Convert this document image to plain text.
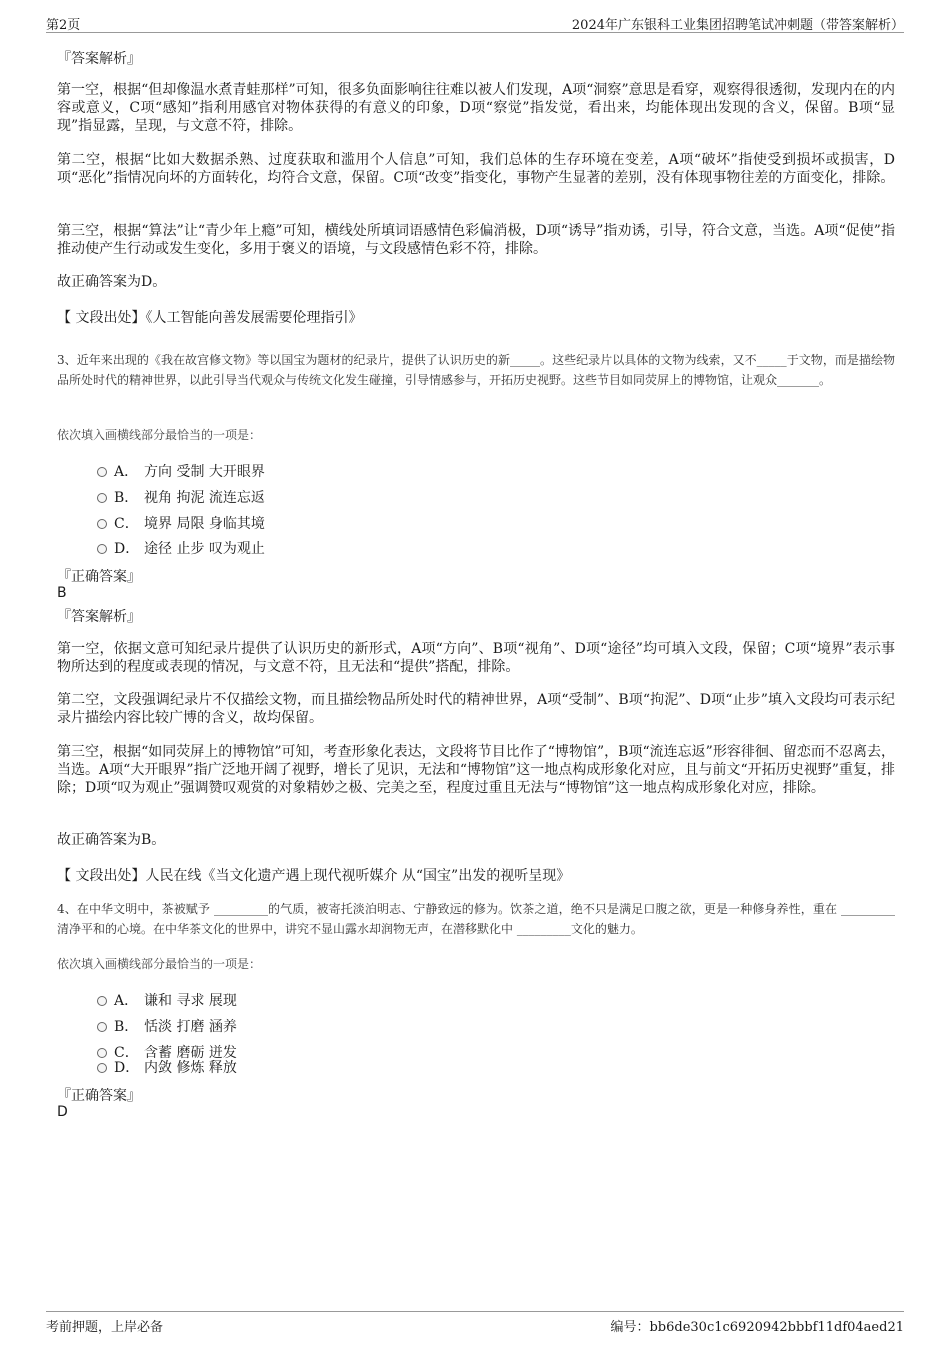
第2页	2024年广东银科工业集团招聘笔试冲刺题（带答案解析）
『答案解析』
第一空，根据“但却像温水煮青蛙那样”可知，很多负面影响往往难以被人们发现，A项“洞察”意思是看穿，观察得很透彻，发现内在的内容或意义，C项“感知”指利用感官对物体获得的有意义的印象，D项“察觉”指发觉，看出来，均能体现出发现的含义，保留。B项“显现”指显露，呈现，与文意不符，排除。
第二空，根据“比如大数据杀熟、过度获取和滥用个人信息”可知，我们总体的生存环境在变差，A项“破坏”指使受到损坏或损害，D项“恶化”指情况向坏的方面转化，均符合文意，保留。C项“改变”指变化，事物产生显著的差别，没有体现事物往差的方面变化，排除。
第三空，根据“算法”让“青少年上瘾”可知，横线处所填词语感情色彩偏消极，D项“诱导”指劝诱，引导，符合文意，当选。A项“促使”指推动使产生行动或发生变化，多用于褒义的语境，与文段感情色彩不符，排除。
故正确答案为D。
【 文段出处】《人工智能向善发展需要伦理指引》
3、近年来出现的《我在故宫修文物》等以国宝为题材的纪录片，提供了认识历史的新_____。这些纪录片以具体的文物为线索，又不_____于文物，而是描绘物品所处时代的精神世界，以此引导当代观众与传统文化发生碰撞，引导情感参与，开拓历史视野。这些节目如同荧屏上的博物馆，让观众_______。
依次填入画横线部分最恰当的一项是：
A． 方向 受制 大开眼界
B． 视角 拘泥 流连忘返
C． 境界 局限 身临其境
D． 途径 止步 叹为观止
『正确答案』
B
『答案解析』
第一空，依据文意可知纪录片提供了认识历史的新形式，A项“方向”、B项“视角”、D项“途径”均可填入文段，保留；C项“境界”表示事物所达到的程度或表现的情况，与文意不符，且无法和“提供”搭配，排除。
第二空，文段强调纪录片不仅描绘文物，而且描绘物品所处时代的精神世界，A项“受制”、B项“拘泥”、D项“止步”填入文段均可表示纪录片描绘内容比较广博的含义，故均保留。
第三空，根据“如同荧屏上的博物馆”可知，考查形象化表达，文段将节目比作了“博物馆”，B项“流连忘返”形容徘徊、留恋而不忍离去，当选。A项“大开眼界”指广泛地开阔了视野，增长了见识，无法和“博物馆”这一地点构成形象化对应，且与前文“开拓历史视野”重复，排除；D项“叹为观止”强调赞叹观赏的对象精妙之极、完美之至，程度过重且无法与“博物馆”这一地点构成形象化对应，排除。
故正确答案为B。
【 文段出处】人民在线《当文化遗产遇上现代视听媒介 从“国宝”出发的视听呈现》
4、在中华文明中，茶被赋予 _________的气质，被寄托淡泊明志、宁静致远的修为。饮茶之道，绝不只是满足口腹之欲，更是一种修身养性，重在 _________清净平和的心境。在中华茶文化的世界中，讲究不显山露水却润物无声，在潜移默化中 _________文化的魅力。
依次填入画横线部分最恰当的一项是：
A． 谦和 寻求 展现
B． 恬淡 打磨 涵养
C． 含蓄 磨砺 迸发
D． 内敛 修炼 释放
『正确答案』
D
考前押题，上岸必备	编号：bb6de30c1c6920942bbbf11df04aed21
